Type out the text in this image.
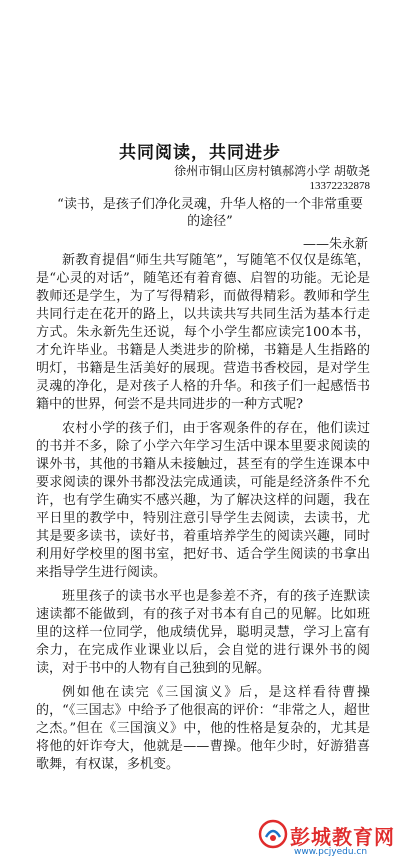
共同阅读，共同进步
徐州市铜山区房村镇郝湾小学 胡敬尧
13372232878
“读书，是孩子们净化灵魂，升华人格的一个非常重要的途径”
——朱永新

新教育提倡“师生共写随笔”，写随笔不仅仅是练笔，是“心灵的对话”，随笔还有着育德、启智的功能。无论是教师还是学生，为了写得精彩，而做得精彩。教师和学生共同行走在花开的路上，以共读共写共同生活为基本行走方式。朱永新先生还说，每个小学生都应读完100本书，才允许毕业。书籍是人类进步的阶梯，书籍是人生指路的明灯，书籍是生活美好的展现。营造书香校园，是对学生灵魂的净化，是对孩子人格的升华。和孩子们一起感悟书籍中的世界，何尝不是共同进步的一种方式呢?

农村小学的孩子们，由于客观条件的存在，他们读过的书并不多，除了小学六年学习生活中课本里要求阅读的课外书，其他的书籍从未接触过，甚至有的学生连课本中要求阅读的课外书都没法完成通读，可能是经济条件不允许，也有学生确实不感兴趣，为了解决这样的问题，我在平日里的教学中，特别注意引导学生去阅读，去读书，尤其是要多读书，读好书，着重培养学生的阅读兴趣，同时利用好学校里的图书室，把好书、适合学生阅读的书拿出来指导学生进行阅读。

班里孩子的读书水平也是参差不齐，有的孩子连默读速读都不能做到，有的孩子对书本有自己的见解。比如班里的这样一位同学，他成绩优异，聪明灵慧，学习上富有余力，在完成作业课业以后，会自觉的进行课外书的阅读，对于书中的人物有自己独到的见解。

例如他在读完《三国演义》后，是这样看待曹操的，“《三国志》中给予了他很高的评价：“非常之人，超世之杰。”但在《三国演义》中，他的性格是复杂的，尤其是将他的奸诈夸大，他就是——曹操。他年少时，好游猎喜歌舞，有权谋，多机变。

彭城教育网
www.pcjyedu.cn
